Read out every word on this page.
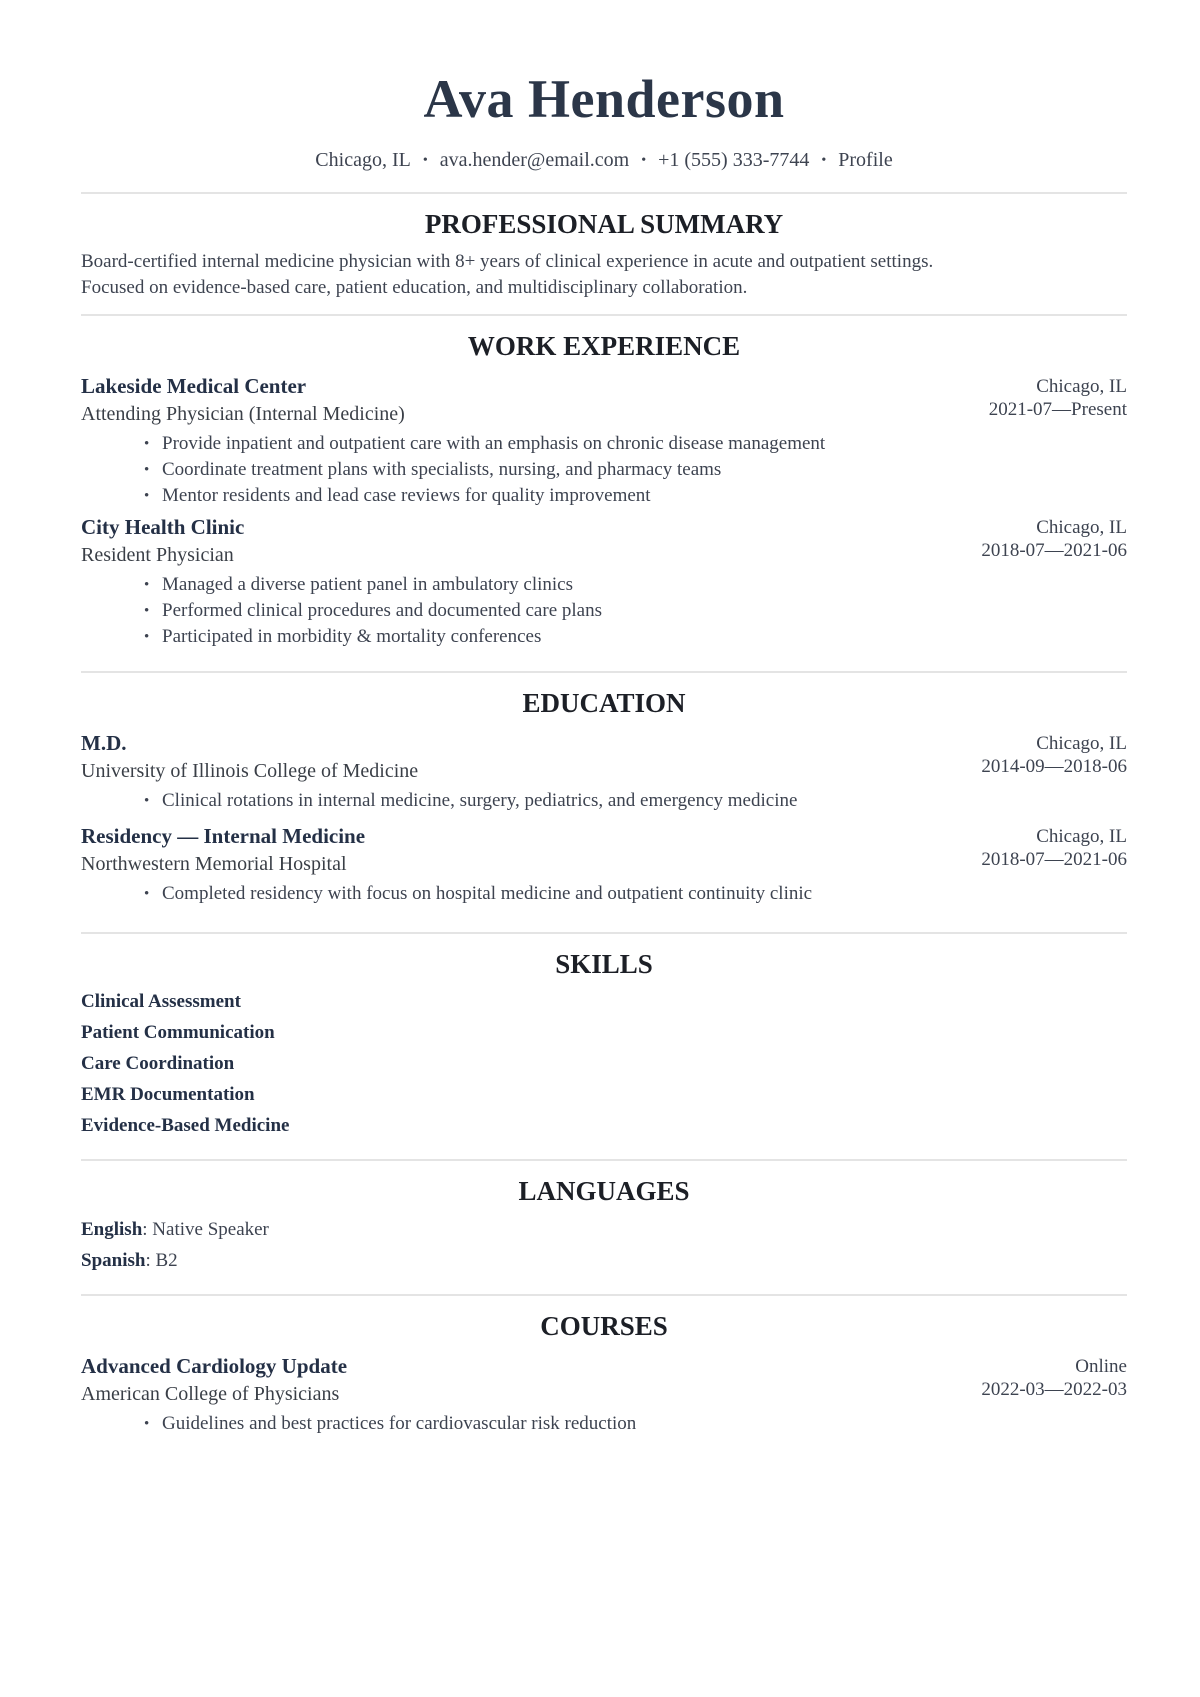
Ava Henderson
Chicago, IL • ava.hender@email.com • +1 (555) 333-7744 • Profile
PROFESSIONAL SUMMARY
Board-certified internal medicine physician with 8+ years of clinical experience in acute and outpatient settings.
Focused on evidence-based care, patient education, and multidisciplinary collaboration.
WORK EXPERIENCE
Lakeside Medical Center
Attending Physician (Internal Medicine)
Chicago, IL
2021-07—Present
• Provide inpatient and outpatient care with an emphasis on chronic disease management
• Coordinate treatment plans with specialists, nursing, and pharmacy teams
• Mentor residents and lead case reviews for quality improvement
City Health Clinic
Resident Physician
Chicago, IL
2018-07—2021-06
• Managed a diverse patient panel in ambulatory clinics
• Performed clinical procedures and documented care plans
• Participated in morbidity & mortality conferences
EDUCATION
M.D.
University of Illinois College of Medicine
Chicago, IL
2014-09—2018-06
• Clinical rotations in internal medicine, surgery, pediatrics, and emergency medicine
Residency — Internal Medicine
Northwestern Memorial Hospital
Chicago, IL
2018-07—2021-06
• Completed residency with focus on hospital medicine and outpatient continuity clinic
SKILLS
Clinical Assessment
Patient Communication
Care Coordination
EMR Documentation
Evidence-Based Medicine
LANGUAGES
English: Native Speaker
Spanish: B2
COURSES
Advanced Cardiology Update
American College of Physicians
Online
2022-03—2022-03
• Guidelines and best practices for cardiovascular risk reduction
